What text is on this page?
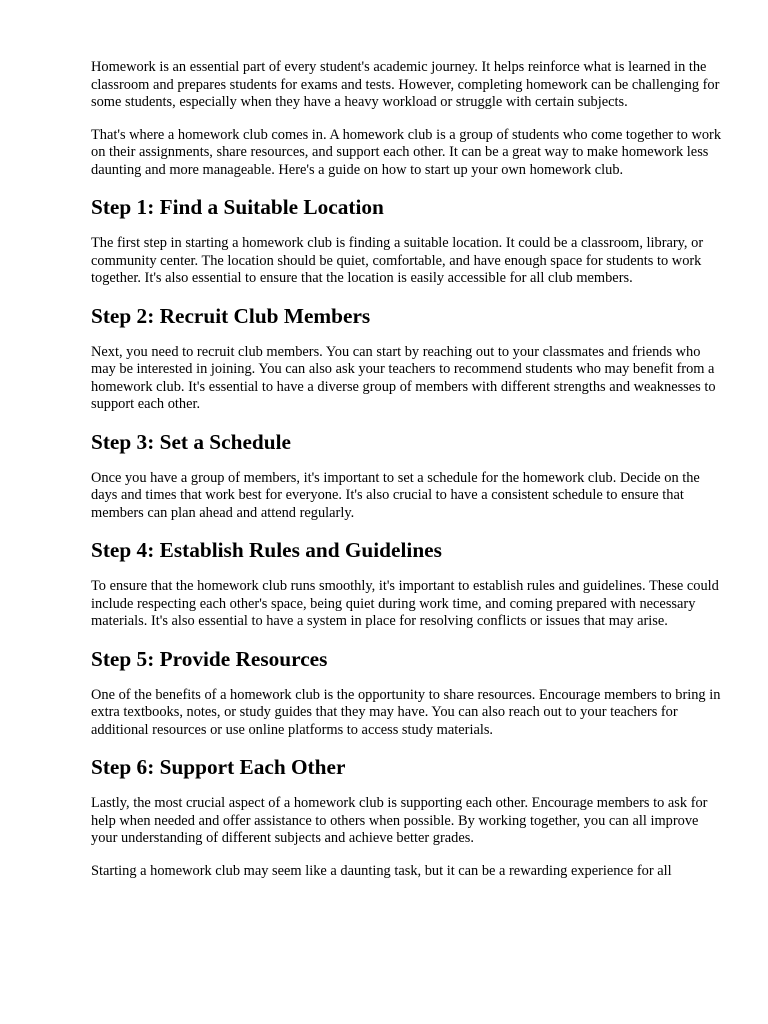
Homework is an essential part of every student's academic journey. It helps reinforce what is learned in the classroom and prepares students for exams and tests. However, completing homework can be challenging for some students, especially when they have a heavy workload or struggle with certain subjects.

That's where a homework club comes in. A homework club is a group of students who come together to work on their assignments, share resources, and support each other. It can be a great way to make homework less daunting and more manageable. Here's a guide on how to start up your own homework club.

Step 1: Find a Suitable Location

The first step in starting a homework club is finding a suitable location. It could be a classroom, library, or community center. The location should be quiet, comfortable, and have enough space for students to work together. It's also essential to ensure that the location is easily accessible for all club members.

Step 2: Recruit Club Members

Next, you need to recruit club members. You can start by reaching out to your classmates and friends who may be interested in joining. You can also ask your teachers to recommend students who may benefit from a homework club. It's essential to have a diverse group of members with different strengths and weaknesses to support each other.

Step 3: Set a Schedule

Once you have a group of members, it's important to set a schedule for the homework club. Decide on the days and times that work best for everyone. It's also crucial to have a consistent schedule to ensure that members can plan ahead and attend regularly.

Step 4: Establish Rules and Guidelines

To ensure that the homework club runs smoothly, it's important to establish rules and guidelines. These could include respecting each other's space, being quiet during work time, and coming prepared with necessary materials. It's also essential to have a system in place for resolving conflicts or issues that may arise.

Step 5: Provide Resources

One of the benefits of a homework club is the opportunity to share resources. Encourage members to bring in extra textbooks, notes, or study guides that they may have. You can also reach out to your teachers for additional resources or use online platforms to access study materials.

Step 6: Support Each Other

Lastly, the most crucial aspect of a homework club is supporting each other. Encourage members to ask for help when needed and offer assistance to others when possible. By working together, you can all improve your understanding of different subjects and achieve better grades.

Starting a homework club may seem like a daunting task, but it can be a rewarding experience for all
